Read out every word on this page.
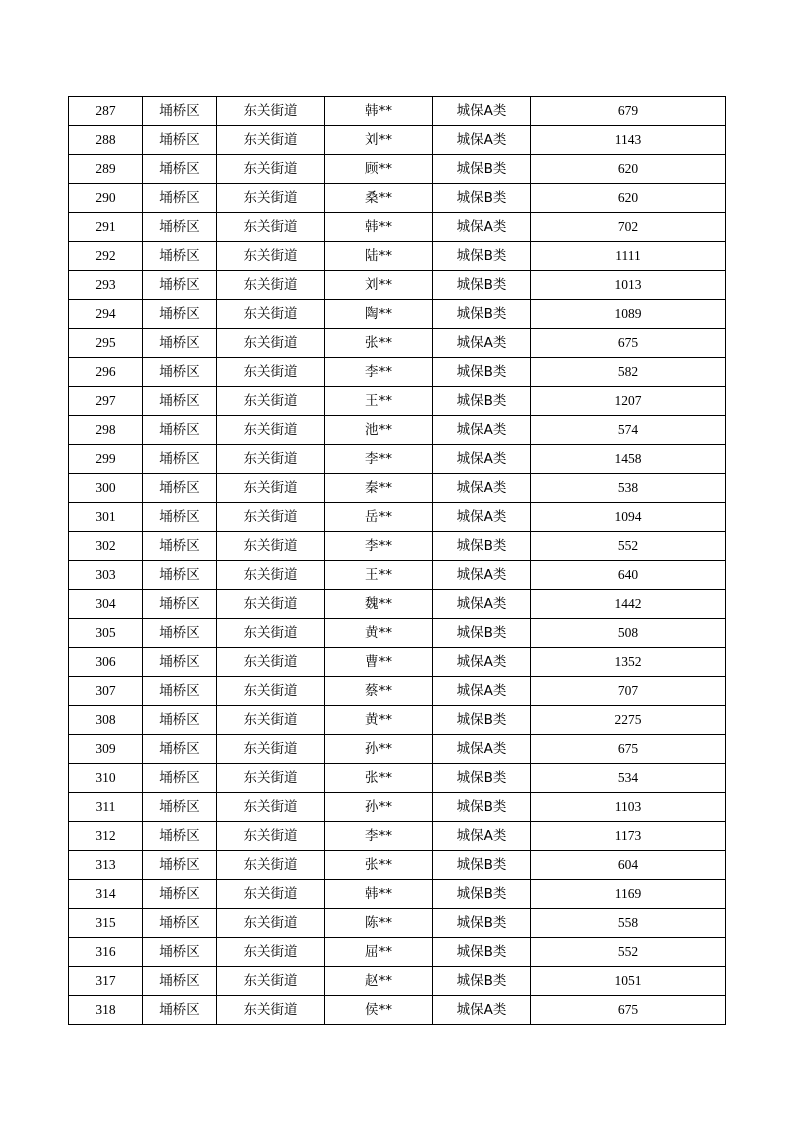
287	埇桥区	东关街道	韩**	城保A类	679
288	埇桥区	东关街道	刘**	城保A类	1143
289	埇桥区	东关街道	顾**	城保B类	620
290	埇桥区	东关街道	桑**	城保B类	620
291	埇桥区	东关街道	韩**	城保A类	702
292	埇桥区	东关街道	陆**	城保B类	1111
293	埇桥区	东关街道	刘**	城保B类	1013
294	埇桥区	东关街道	陶**	城保B类	1089
295	埇桥区	东关街道	张**	城保A类	675
296	埇桥区	东关街道	李**	城保B类	582
297	埇桥区	东关街道	王**	城保B类	1207
298	埇桥区	东关街道	池**	城保A类	574
299	埇桥区	东关街道	李**	城保A类	1458
300	埇桥区	东关街道	秦**	城保A类	538
301	埇桥区	东关街道	岳**	城保A类	1094
302	埇桥区	东关街道	李**	城保B类	552
303	埇桥区	东关街道	王**	城保A类	640
304	埇桥区	东关街道	魏**	城保A类	1442
305	埇桥区	东关街道	黄**	城保B类	508
306	埇桥区	东关街道	曹**	城保A类	1352
307	埇桥区	东关街道	蔡**	城保A类	707
308	埇桥区	东关街道	黄**	城保B类	2275
309	埇桥区	东关街道	孙**	城保A类	675
310	埇桥区	东关街道	张**	城保B类	534
311	埇桥区	东关街道	孙**	城保B类	1103
312	埇桥区	东关街道	李**	城保A类	1173
313	埇桥区	东关街道	张**	城保B类	604
314	埇桥区	东关街道	韩**	城保B类	1169
315	埇桥区	东关街道	陈**	城保B类	558
316	埇桥区	东关街道	屈**	城保B类	552
317	埇桥区	东关街道	赵**	城保B类	1051
318	埇桥区	东关街道	侯**	城保A类	675
